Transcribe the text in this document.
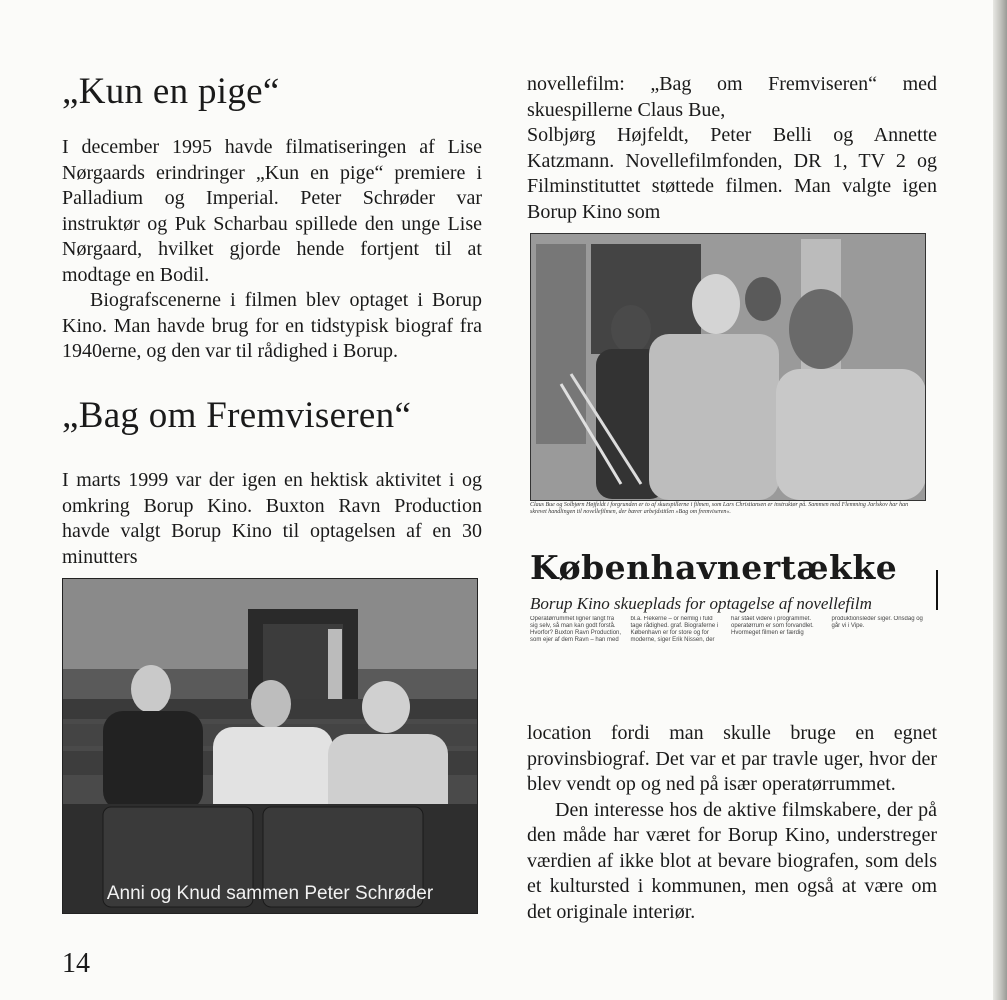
„Kun en pige“

I december 1995 havde filmatiseringen af Lise Nørgaards erindringer „Kun en pige“ premiere i Palladium og Imperial. Peter Schrøder var instruktør og Puk Scharbau spillede den unge Lise Nørgaard, hvilket gjorde hende fortjent til at modtage en Bodil.

Biografscenerne i filmen blev optaget i Borup Kino. Man havde brug for en tidstypisk biograf fra 1940erne, og den var til rådighed i Borup.

„Bag om Fremviseren“

I marts 1999 var der igen en hektisk aktivitet i og omkring Borup Kino. Buxton Ravn Production havde valgt Borup Kino til optagelsen af en 30 minutters

Anni og Knud sammen Peter Schrøder

novellefilm: „Bag om Fremviseren“ med skuespillerne Claus Bue,

Solbjørg Højfeldt, Peter Belli og Annette Katzmann. Novellefilmfonden, DR 1, TV 2 og Filminstituttet støttede filmen. Man valgte igen Borup Kino som

Claus Bue og Solbjørn Højfeldt i forgrunden er to af skuespillerne i filmen, som Lars Christiansen er instruktør på. Sammen med Flemming Jarlskov har han skrevet handlingen til novellefilmen, der bærer arbejdstitlen »Bag om fremviseren«.
Københavnertække
Borup Kino skueplads for optagelse af novellefilm
Operatørrummet ligner langt fra sig selv, så man kan godt forstå. Hvorfor? Buxton Ravn Production, som ejer af dem Ravn – han med bl.a. Flekerne – or nemlig i fuld tage rådighed. graf. Biograferne i København er for store og for moderne, siger Erik Nissen, der har stået videre i programmet. operatørrum er som forvandlet. Hvormeget filmen er færdig produktionsleder siger. Onsdag og går vi i Vipe.

location fordi man skulle bruge en egnet provinsbiograf. Det var et par travle uger, hvor der blev vendt op og ned på især operatørrummet.

Den interesse hos de aktive filmskabere, der på den måde har været for Borup Kino, understreger værdien af ikke blot at bevare biografen, som dels et kultursted i kommunen, men også at være om det originale interiør.

14
